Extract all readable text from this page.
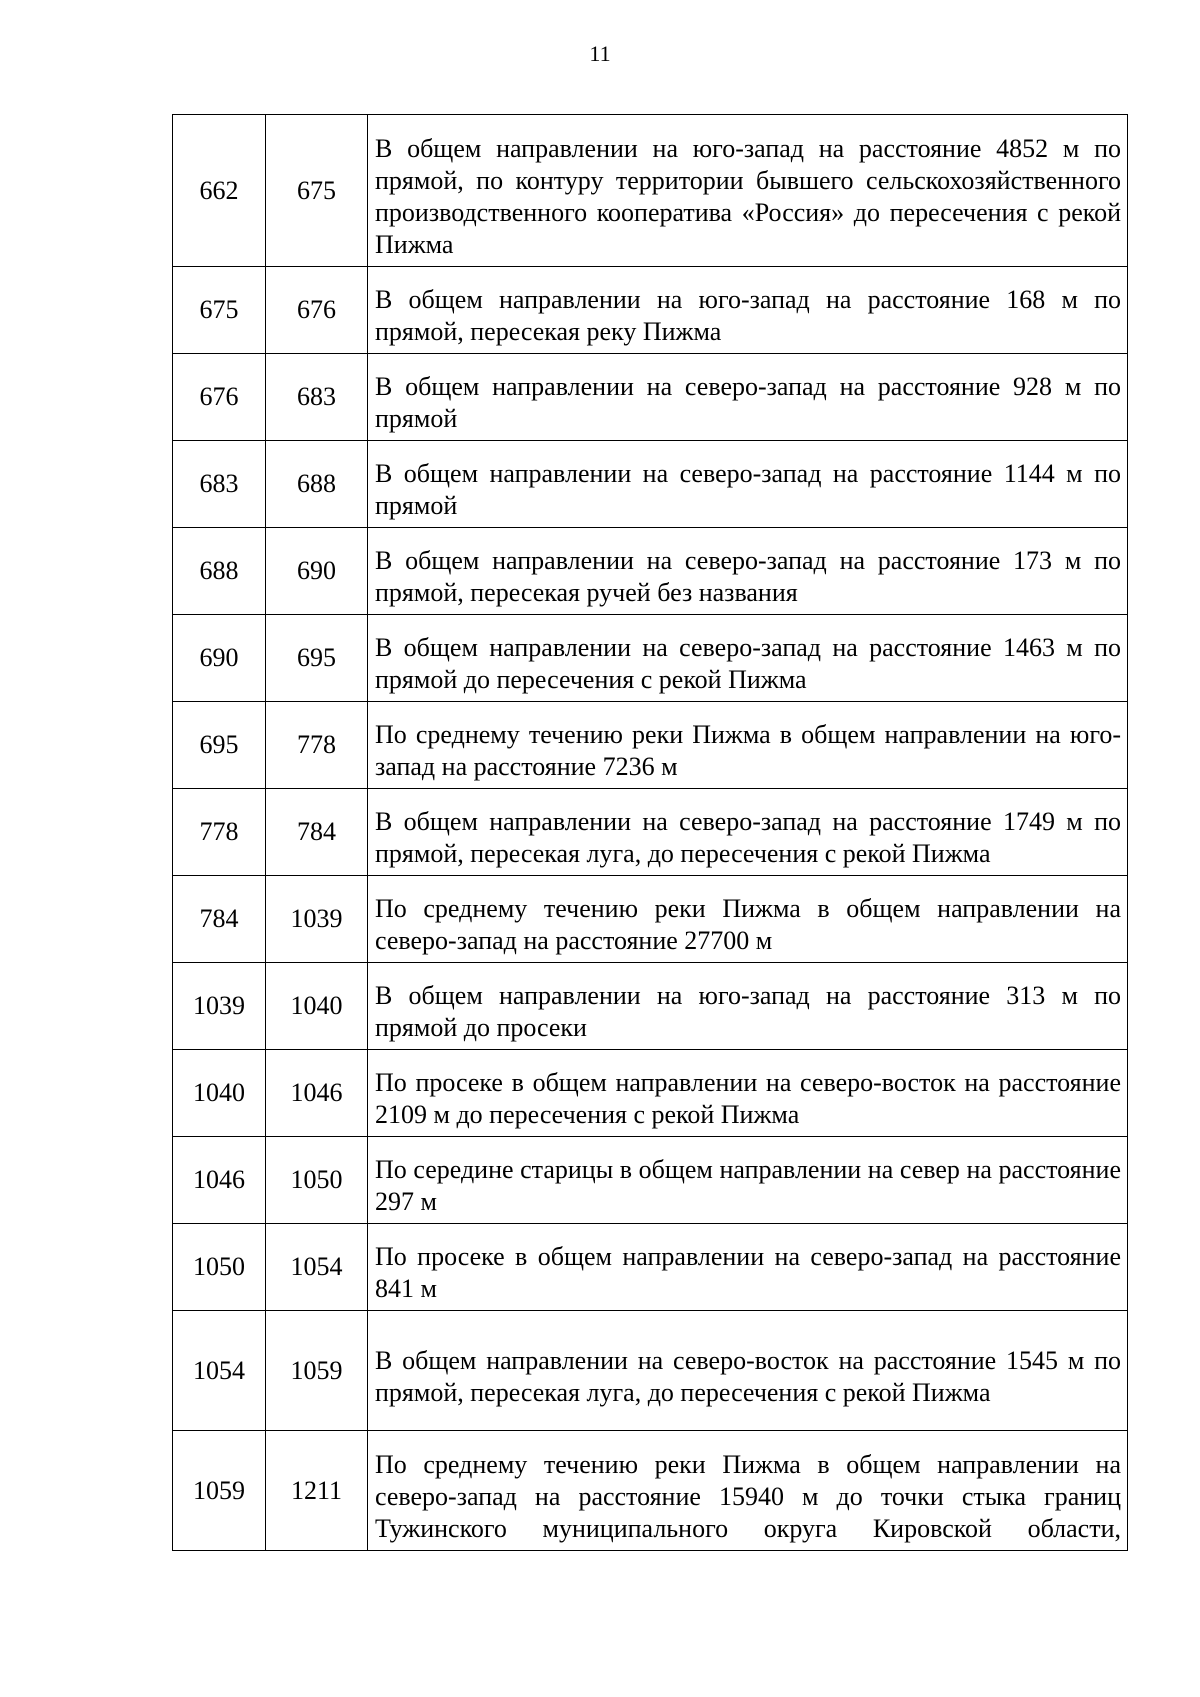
11
662	675	В общем направлении на юго-запад на расстояние 4852 м по прямой, по контуру территории бывшего сельскохозяйственного производственного кооператива «Россия» до пересечения с рекой Пижма
675	676	В общем направлении на юго-запад на расстояние 168 м по прямой, пересекая реку Пижма
676	683	В общем направлении на северо-запад на расстояние 928 м по прямой
683	688	В общем направлении на северо-запад на расстояние 1144 м по прямой
688	690	В общем направлении на северо-запад на расстояние 173 м по прямой, пересекая ручей без названия
690	695	В общем направлении на северо-запад на расстояние 1463 м по прямой до пересечения с рекой Пижма
695	778	По среднему течению реки Пижма в общем направлении на юго-запад на расстояние 7236 м
778	784	В общем направлении на северо-запад на расстояние 1749 м по прямой, пересекая луга, до пересечения с рекой Пижма
784	1039	По среднему течению реки Пижма в общем направлении на северо-запад на расстояние 27700 м
1039	1040	В общем направлении на юго-запад на расстояние 313 м по прямой до просеки
1040	1046	По просеке в общем направлении на северо-восток на расстояние 2109 м до пересечения с рекой Пижма
1046	1050	По середине старицы в общем направлении на север на расстояние 297 м
1050	1054	По просеке в общем направлении на северо-запад на расстояние 841 м
1054	1059	В общем направлении на северо-восток на расстояние 1545 м по прямой, пересекая луга, до пересечения с рекой Пижма
1059	1211	По среднему течению реки Пижма в общем направлении на северо-запад на расстояние 15940 м до точки стыка границ Тужинского муниципального округа Кировской области,
